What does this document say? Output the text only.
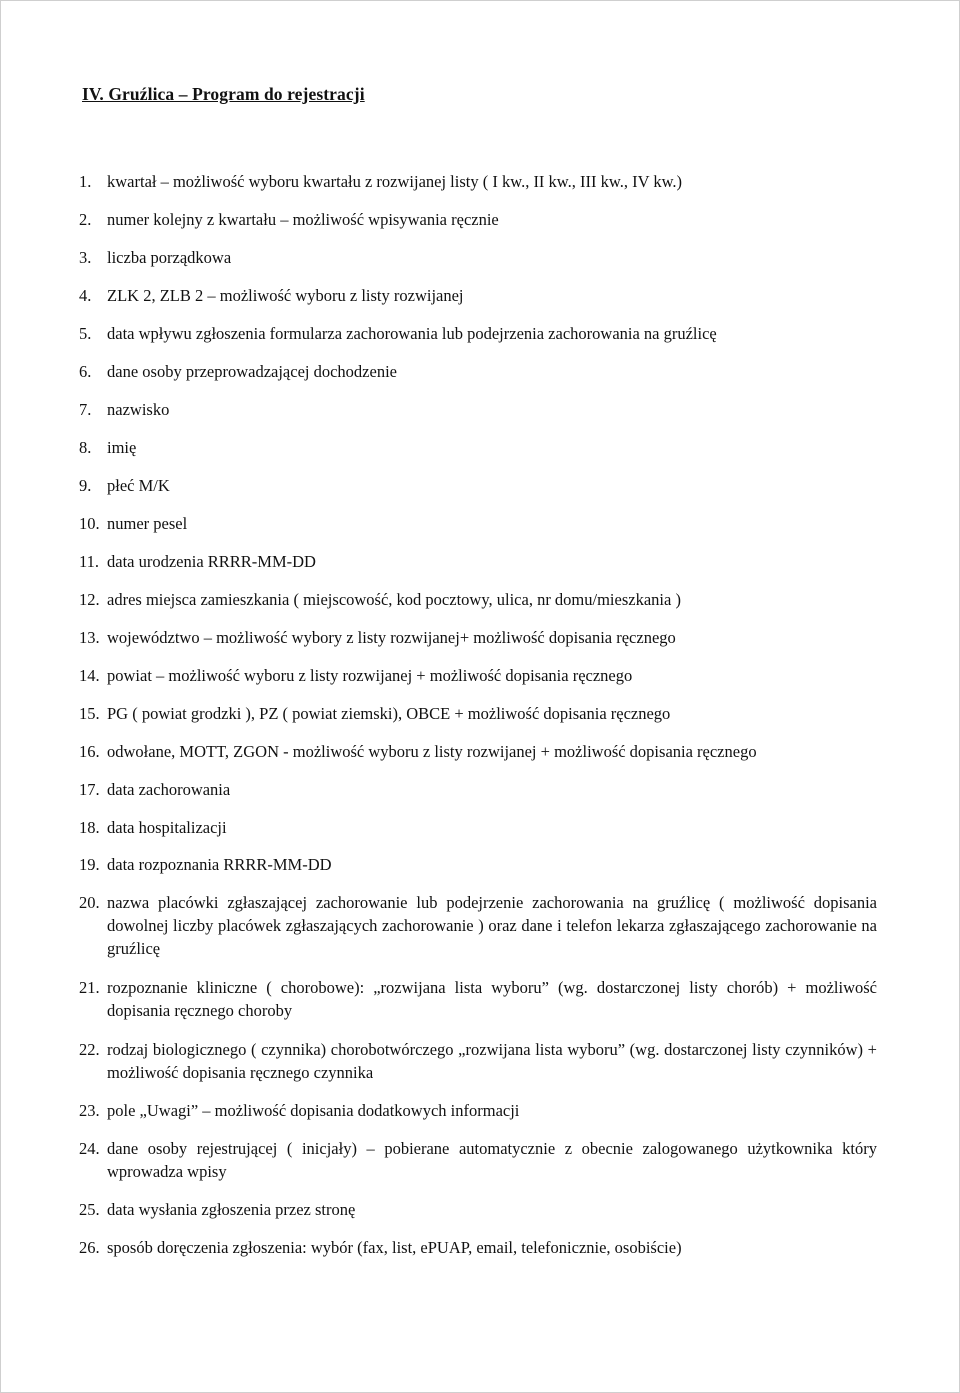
IV. Gruźlica – Program do rejestracji
1. kwartał – możliwość wyboru kwartału z rozwijanej listy ( I kw., II kw., III kw., IV kw.)

2. numer kolejny z kwartału – możliwość wpisywania ręcznie

3. liczba porządkowa

4. ZLK 2, ZLB 2 – możliwość wyboru z listy rozwijanej

5. data wpływu zgłoszenia formularza zachorowania lub podejrzenia zachorowania na gruźlicę

6. dane osoby przeprowadzającej dochodzenie

7. nazwisko

8. imię

9. płeć M/K

10. numer pesel

11. data urodzenia RRRR-MM-DD

12. adres miejsca zamieszkania ( miejscowość, kod pocztowy, ulica, nr domu/mieszkania )

13. województwo – możliwość wybory z listy rozwijanej+ możliwość dopisania ręcznego

14. powiat – możliwość wyboru z listy rozwijanej + możliwość dopisania ręcznego

15. PG ( powiat grodzki ), PZ ( powiat ziemski), OBCE + możliwość dopisania ręcznego

16. odwołane, MOTT, ZGON - możliwość wyboru z listy rozwijanej + możliwość dopisania ręcznego

17. data zachorowania

18. data hospitalizacji

19. data rozpoznania RRRR-MM-DD

20. nazwa placówki zgłaszającej zachorowanie lub podejrzenie zachorowania na gruźlicę ( możliwość dopisania dowolnej liczby placówek zgłaszających zachorowanie ) oraz dane i telefon lekarza zgłaszającego zachorowanie na gruźlicę

21. rozpoznanie kliniczne ( chorobowe): „rozwijana lista wyboru” (wg. dostarczonej listy chorób) + możliwość dopisania ręcznego choroby

22. rodzaj biologicznego ( czynnika) chorobotwórczego „rozwijana lista wyboru” (wg. dostarczonej listy czynników) + możliwość dopisania ręcznego czynnika

23. pole „Uwagi” – możliwość dopisania dodatkowych informacji

24. dane osoby rejestrującej ( inicjały) – pobierane automatycznie z obecnie zalogowanego użytkownika który wprowadza wpisy

25. data wysłania zgłoszenia przez stronę

26. sposób doręczenia zgłoszenia: wybór (fax, list, ePUAP, email, telefonicznie, osobiście)
